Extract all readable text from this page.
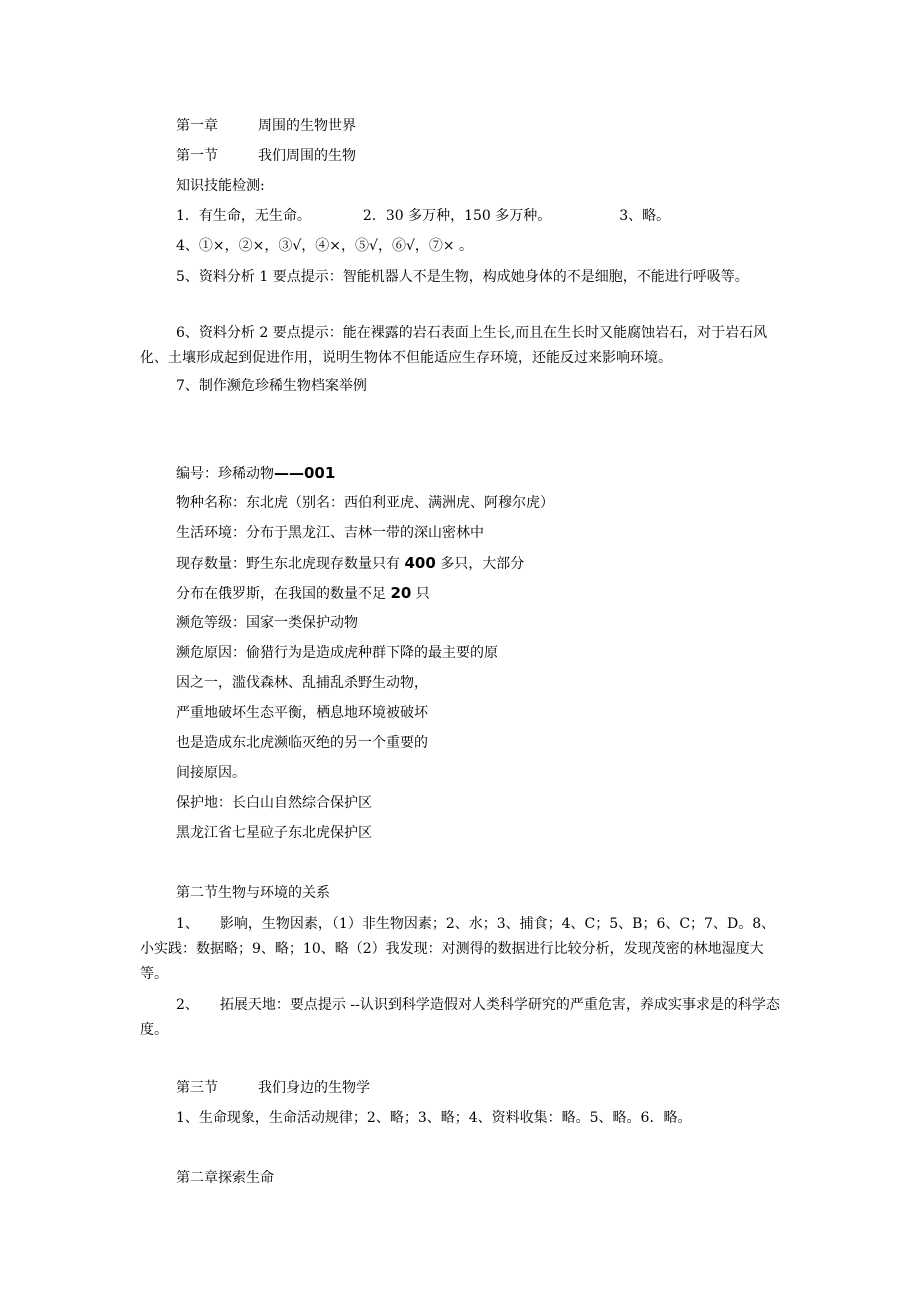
第一章	周围的生物世界
第一节	我们周围的生物
知识技能检测:
1．有生命，无生命。	2．30 多万种，150 多万种。	3、略。
4、①×，②×，③√，④×，⑤√，⑥√，⑦× 。
5、资料分析 1 要点提示：智能机器人不是生物，构成她身体的不是细胞，不能进行呼吸等。
6、资料分析 2 要点提示：能在裸露的岩石表面上生长,而且在生长时又能腐蚀岩石，对于岩石风化、土壤形成起到促进作用，说明生物体不但能适应生存环境，还能反过来影响环境。
7、制作濒危珍稀生物档案举例
编号：珍稀动物——001
物种名称：东北虎（别名：西伯利亚虎、满洲虎、阿穆尔虎）
生活环境：分布于黑龙江、吉林一带的深山密林中
现存数量：野生东北虎现存数量只有 400 多只，大部分
分布在俄罗斯，在我国的数量不足 20 只
濒危等级：国家一类保护动物
濒危原因：偷猎行为是造成虎种群下降的最主要的原
因之一，滥伐森林、乱捕乱杀野生动物，
严重地破坏生态平衡，栖息地环境被破坏
也是造成东北虎濒临灭绝的另一个重要的
间接原因。
保护地：长白山自然综合保护区
黑龙江省七星砬子东北虎保护区
第二节生物与环境的关系
1、　　影响，生物因素，（1）非生物因素；2、水；3、捕食；4、C；5、B；6、C；7、D。8、小实践：数据略；9、略；10、略（2）我发现：对测得的数据进行比较分析，发现茂密的林地湿度大等。
2、　　拓展天地：要点提示 --认识到科学造假对人类科学研究的严重危害，养成实事求是的科学态度。
第三节	我们身边的生物学
1、生命现象，生命活动规律；2、略；3、略；4、资料收集：略。5、略。6．略。
第二章探索生命
